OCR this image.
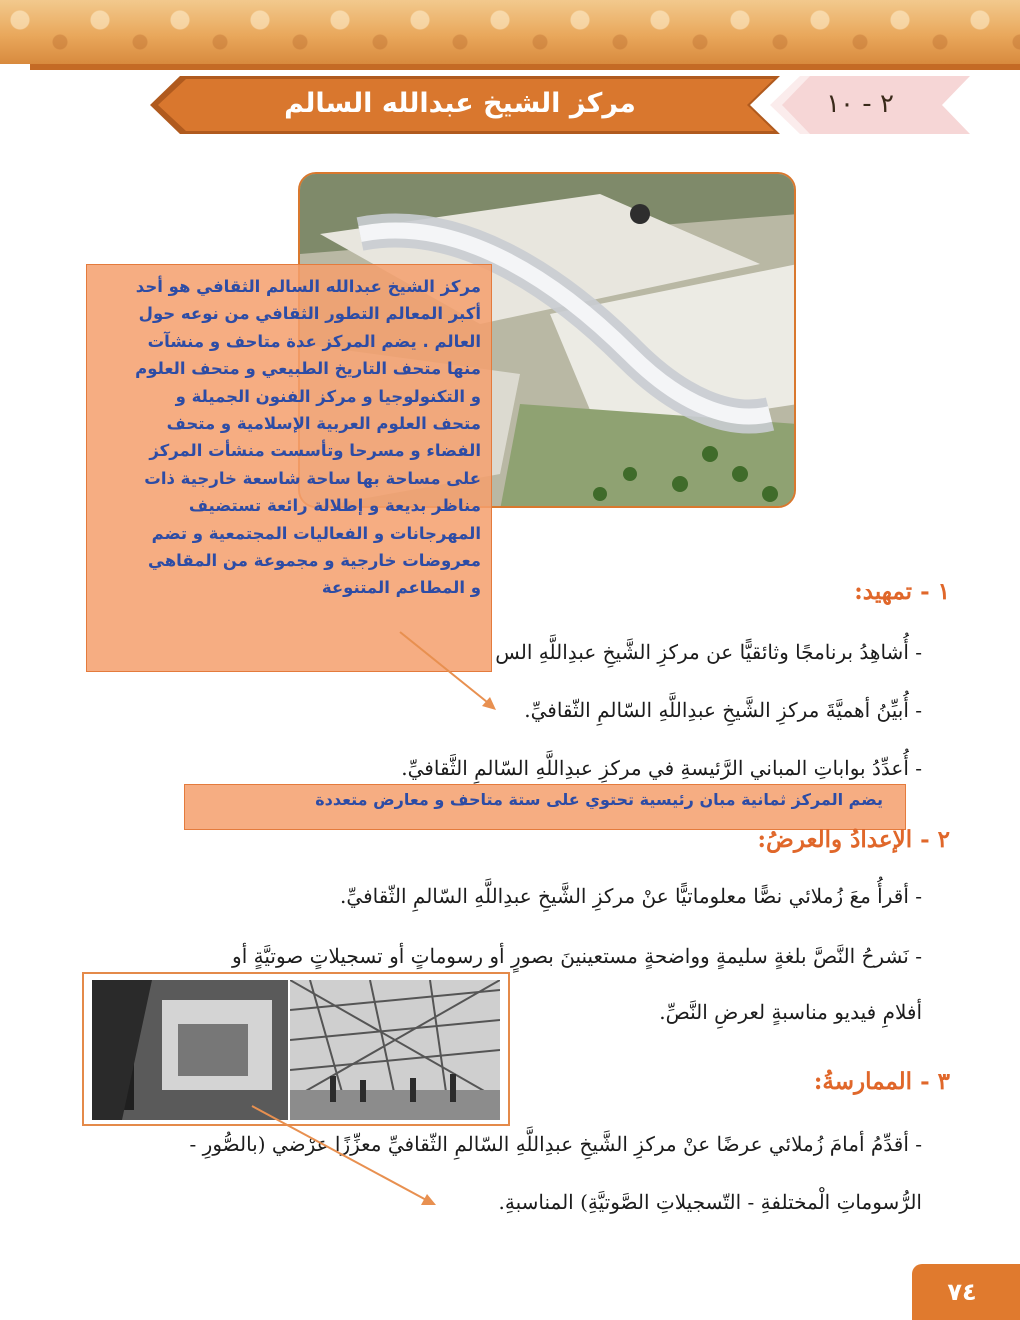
مركز الشيخ عبدالله السالم الثقافي
٢ - ١٠

مركز الشيخ عبدالله السالم الثقافي هو أحد

أكبر المعالم التطور الثقافي من نوعه حول

العالم . يضم المركز عدة متاحف و منشآت

منها متحف التاريخ الطبيعي و متحف العلوم

و التكنولوجيا و مركز الفنون الجميلة و

متحف العلوم العربية الإسلامية و متحف

الفضاء و مسرحا وتأسست منشأت المركز

على مساحة بها ساحة شاسعة خارجية ذات

مناظر بديعة و إطلالة رائعة تستضيف

المهرجانات و الفعاليات المجتمعية و تضم

معروضات خارجية و مجموعة من المقاهي

و المطاعم المتنوعة	١ - تمهيد:
- أُشاهِدُ برنامجًا وثائقيًّا عن مركزِ الشَّيخِ عبدِاللَّهِ الس
- أُبيِّنُ أهميَّةَ مركزِ الشَّيخِ عبدِاللَّهِ السّالمِ الثّقافيِّ.
- أُعدِّدُ بواباتِ المباني الرَّئيسةِ في مركزِ عبدِاللَّهِ السّالمِ الثَّقافيِّ.
يضم المركز ثمانية مبان رئيسية تحتوي على ستة متاحف و معارض متعددة
٢ - الإعدادُ والعرضُ:
- أقرأُ معَ زُملائي نصًّا معلوماتيًّا عنْ مركزِ الشَّيخِ عبدِاللَّهِ السّالمِ الثّقافيِّ.
- نَشرحُ النَّصَّ بلغةٍ سليمةٍ وواضحةٍ مستعينينَ بصورٍ أو رسوماتٍ أو تسجيلاتٍ صوتيَّةٍ أو
أفلامِ فيديو مناسبةٍ لعرضِ النَّصِّ.
٣ - الممارسةُ:
- أقدِّمُ أمامَ زُملائي عرضًا عنْ مركزِ الشَّيخِ عبدِاللَّهِ السّالمِ الثّقافيِّ معزِّزًا عرْضي (بالصُّورِ -
الرُّسوماتِ الْمختلفةِ - التّسجيلاتِ الصَّوتيَّةِ) المناسبةِ.
٧٤
